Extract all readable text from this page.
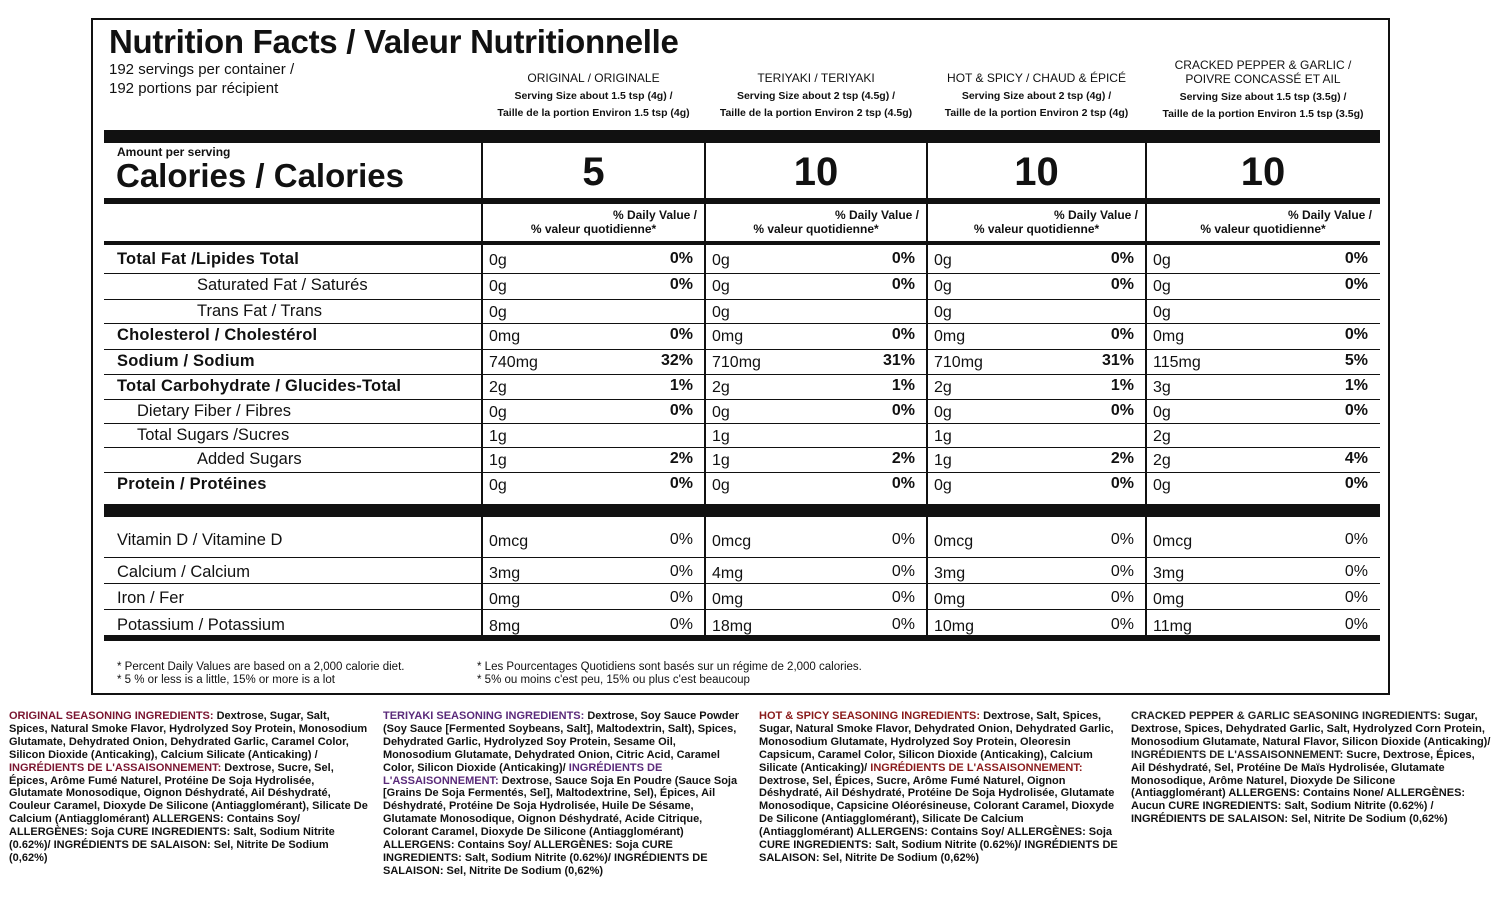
Nutrition Facts / Valeur Nutritionnelle
192 servings per container /
192 portions par récipient
ORIGINAL / ORIGINALE
Serving Size about 1.5 tsp (4g) /
Taille de la portion Environ 1.5 tsp (4g)
TERIYAKI / TERIYAKI
Serving Size about 2 tsp (4.5g) /
Taille de la portion Environ 2 tsp (4.5g)
HOT & SPICY / CHAUD & ÉPICÉ
Serving Size about 2 tsp (4g) /
Taille de la portion Environ 2 tsp (4g)
CRACKED PEPPER & GARLIC /
POIVRE CONCASSÉ ET AIL
Serving Size about 1.5 tsp (3.5g) /
Taille de la portion Environ 1.5 tsp (3.5g)
Amount per serving
Calories / Calories	5	10	10	10
% Daily Value /
% valeur quotidienne*
% Daily Value /
% valeur quotidienne*
% Daily Value /
% valeur quotidienne*
% Daily Value /
% valeur quotidienne*
Total Fat /Lipides Total	0g	0% 0g	0% 0g	0% 0g	0%
Saturated Fat / Saturés	0g	0% 0g	0% 0g	0% 0g	0%
Trans Fat / Trans	0g	0g	0g	0g
Cholesterol / Cholestérol	0mg	0% 0mg	0% 0mg	0% 0mg	0%
Sodium / Sodium	740mg	32% 710mg	31% 710mg	31% 115mg	5%
Total Carbohydrate / Glucides-Total	2g	1% 2g	1% 2g	1% 3g	1%
Dietary Fiber / Fibres	0g	0% 0g	0% 0g	0% 0g	0%
Total Sugars /Sucres	1g	1g	1g	2g
Added Sugars	1g	2% 1g	2% 1g	2% 2g	4%
Protein / Protéines	0g	0% 0g	0% 0g	0% 0g	0%
Vitamin D / Vitamine D	0mcg	0% 0mcg	0% 0mcg	0% 0mcg	0%
Calcium / Calcium	3mg	0% 4mg	0% 3mg	0% 3mg	0%
Iron / Fer	0mg	0% 0mg	0% 0mg	0% 0mg	0%
Potassium / Potassium	8mg	0% 18mg	0% 10mg	0% 11mg	0%
* Percent Daily Values are based on a 2,000 calorie diet.
* 5 % or less is a little, 15% or more is a lot
* Les Pourcentages Quotidiens sont basés sur un régime de 2,000 calories.
* 5% ou moins c'est peu, 15% ou plus c'est beaucoup
ORIGINAL SEASONING INGREDIENTS: Dextrose, Sugar, Salt, Spices, Natural Smoke Flavor, Hydrolyzed Soy Protein, Monosodium Glutamate, Dehydrated Onion, Dehydrated Garlic, Caramel Color, Silicon Dioxide (Anticaking), Calcium Silicate (Anticaking) / INGRÉDIENTS DE L'ASSAISONNEMENT: Dextrose, Sucre, Sel, Épices, Arôme Fumé Naturel, Protéine De Soja Hydrolisée, Glutamate Monosodique, Oignon Déshydraté, Ail Déshydraté, Couleur Caramel, Dioxyde De Silicone (Antiagglomérant), Silicate De Calcium (Antiagglomérant) ALLERGENS: Contains Soy/ ALLERGÈNES: Soja CURE INGREDIENTS: Salt, Sodium Nitrite (0.62%)/ INGRÉDIENTS DE SALAISON: Sel, Nitrite De Sodium (0,62%)
TERIYAKI SEASONING INGREDIENTS: Dextrose, Soy Sauce Powder (Soy Sauce [Fermented Soybeans, Salt], Maltodextrin, Salt), Spices, Dehydrated Garlic, Hydrolyzed Soy Protein, Sesame Oil, Monosodium Glutamate, Dehydrated Onion, Citric Acid, Caramel Color, Silicon Dioxide (Anticaking)/ INGRÉDIENTS DE L'ASSAISONNEMENT: Dextrose, Sauce Soja En Poudre (Sauce Soja [Grains De Soja Fermentés, Sel], Maltodextrine, Sel), Épices, Ail Déshydraté, Protéine De Soja Hydrolisée, Huile De Sésame, Glutamate Monosodique, Oignon Déshydraté, Acide Citrique, Colorant Caramel, Dioxyde De Silicone (Antiagglomérant) ALLERGENS: Contains Soy/ ALLERGÈNES: Soja CURE INGREDIENTS: Salt, Sodium Nitrite (0.62%)/ INGRÉDIENTS DE SALAISON: Sel, Nitrite De Sodium (0,62%)
HOT & SPICY SEASONING INGREDIENTS: Dextrose, Salt, Spices, Sugar, Natural Smoke Flavor, Dehydrated Onion, Dehydrated Garlic, Monosodium Glutamate, Hydrolyzed Soy Protein, Oleoresin Capsicum, Caramel Color, Silicon Dioxide (Anticaking), Calcium Silicate (Anticaking)/ INGRÉDIENTS DE L'ASSAISONNEMENT: Dextrose, Sel, Épices, Sucre, Arôme Fumé Naturel, Oignon Déshydraté, Ail Déshydraté, Protéine De Soja Hydrolisée, Glutamate Monosodique, Capsicine Oléorésineuse, Colorant Caramel, Dioxyde De Silicone (Antiagglomérant), Silicate De Calcium (Antiagglomérant) ALLERGENS: Contains Soy/ ALLERGÈNES: Soja CURE INGREDIENTS: Salt, Sodium Nitrite (0.62%)/ INGRÉDIENTS DE SALAISON: Sel, Nitrite De Sodium (0,62%)
CRACKED PEPPER & GARLIC SEASONING INGREDIENTS: Sugar, Dextrose, Spices, Dehydrated Garlic, Salt, Hydrolyzed Corn Protein, Monosodium Glutamate, Natural Flavor, Silicon Dioxide (Anticaking)/ INGRÉDIENTS DE L'ASSAISONNEMENT: Sucre, Dextrose, Épices, Ail Déshydraté, Sel, Protéine De Maïs Hydrolisée, Glutamate Monosodique, Arôme Naturel, Dioxyde De Silicone (Antiagglomérant) ALLERGENS: Contains None/ ALLERGÈNES: Aucun CURE INGREDIENTS: Salt, Sodium Nitrite (0.62%) / INGRÉDIENTS DE SALAISON: Sel, Nitrite De Sodium (0,62%)
